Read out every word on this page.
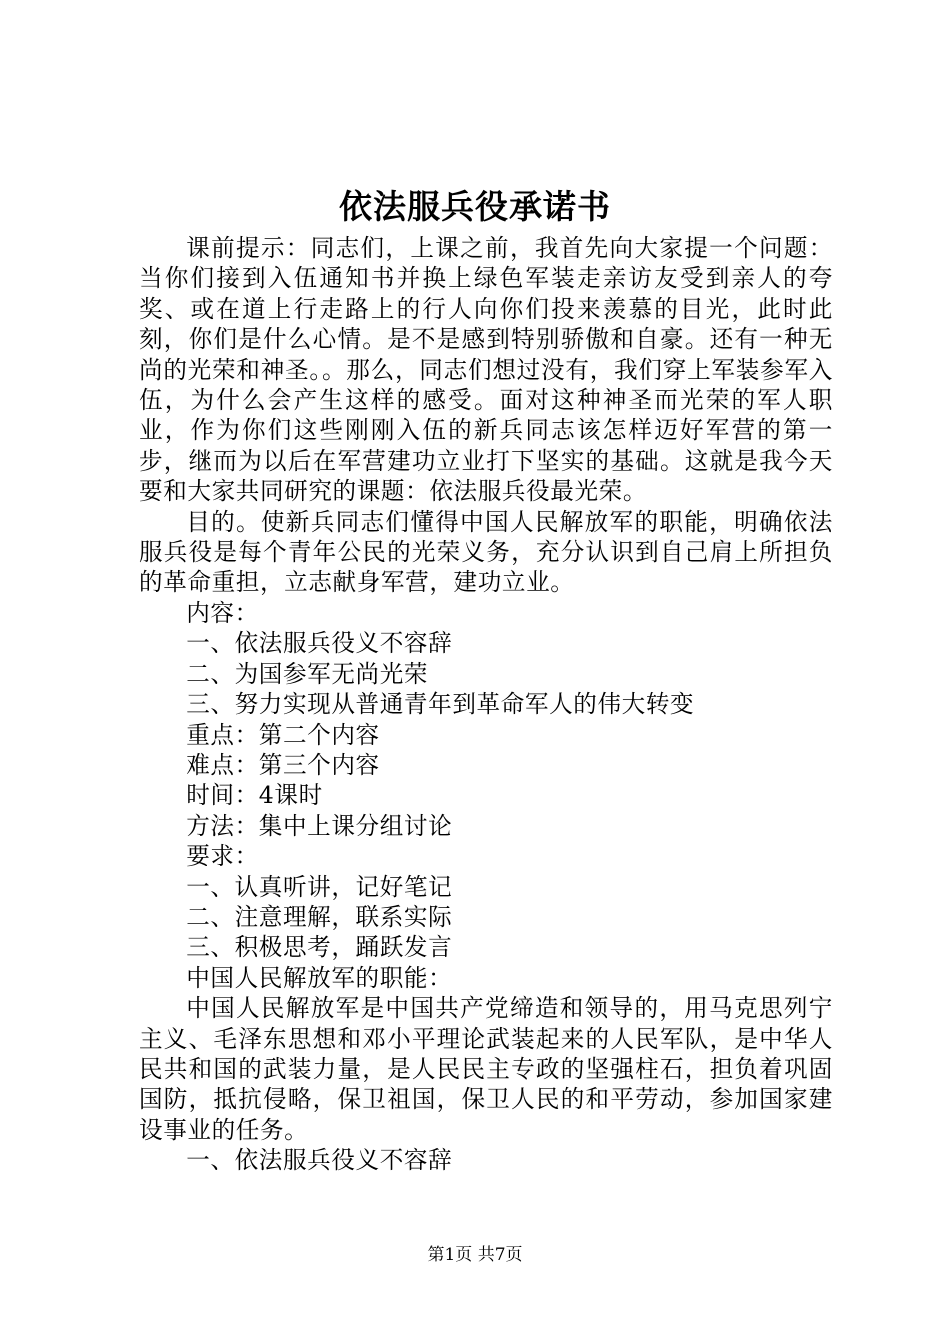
依法服兵役承诺书

课前提示：同志们，上课之前，我首先向大家提一个问题：当你们接到入伍通知书并换上绿色军装走亲访友受到亲人的夸奖、或在道上行走路上的行人向你们投来羡慕的目光，此时此刻，你们是什么心情。是不是感到特别骄傲和自豪。还有一种无尚的光荣和神圣。。那么，同志们想过没有，我们穿上军装参军入伍，为什么会产生这样的感受。面对这种神圣而光荣的军人职业，作为你们这些刚刚入伍的新兵同志该怎样迈好军营的第一步，继而为以后在军营建功立业打下坚实的基础。这就是我今天要和大家共同研究的课题：依法服兵役最光荣。

目的。使新兵同志们懂得中国人民解放军的职能，明确依法服兵役是每个青年公民的光荣义务，充分认识到自己肩上所担负的革命重担，立志献身军营，建功立业。

内容：

一、依法服兵役义不容辞

二、为国参军无尚光荣

三、努力实现从普通青年到革命军人的伟大转变

重点：第二个内容

难点：第三个内容

时间：4课时

方法：集中上课分组讨论

要求：

一、认真听讲，记好笔记

二、注意理解，联系实际

三、积极思考，踊跃发言

中国人民解放军的职能：

中国人民解放军是中国共产党缔造和领导的，用马克思列宁主义、毛泽东思想和邓小平理论武装起来的人民军队，是中华人民共和国的武装力量，是人民民主专政的坚强柱石，担负着巩固国防，抵抗侵略，保卫祖国，保卫人民的和平劳动，参加国家建设事业的任务。

一、依法服兵役义不容辞

第1页 共7页
